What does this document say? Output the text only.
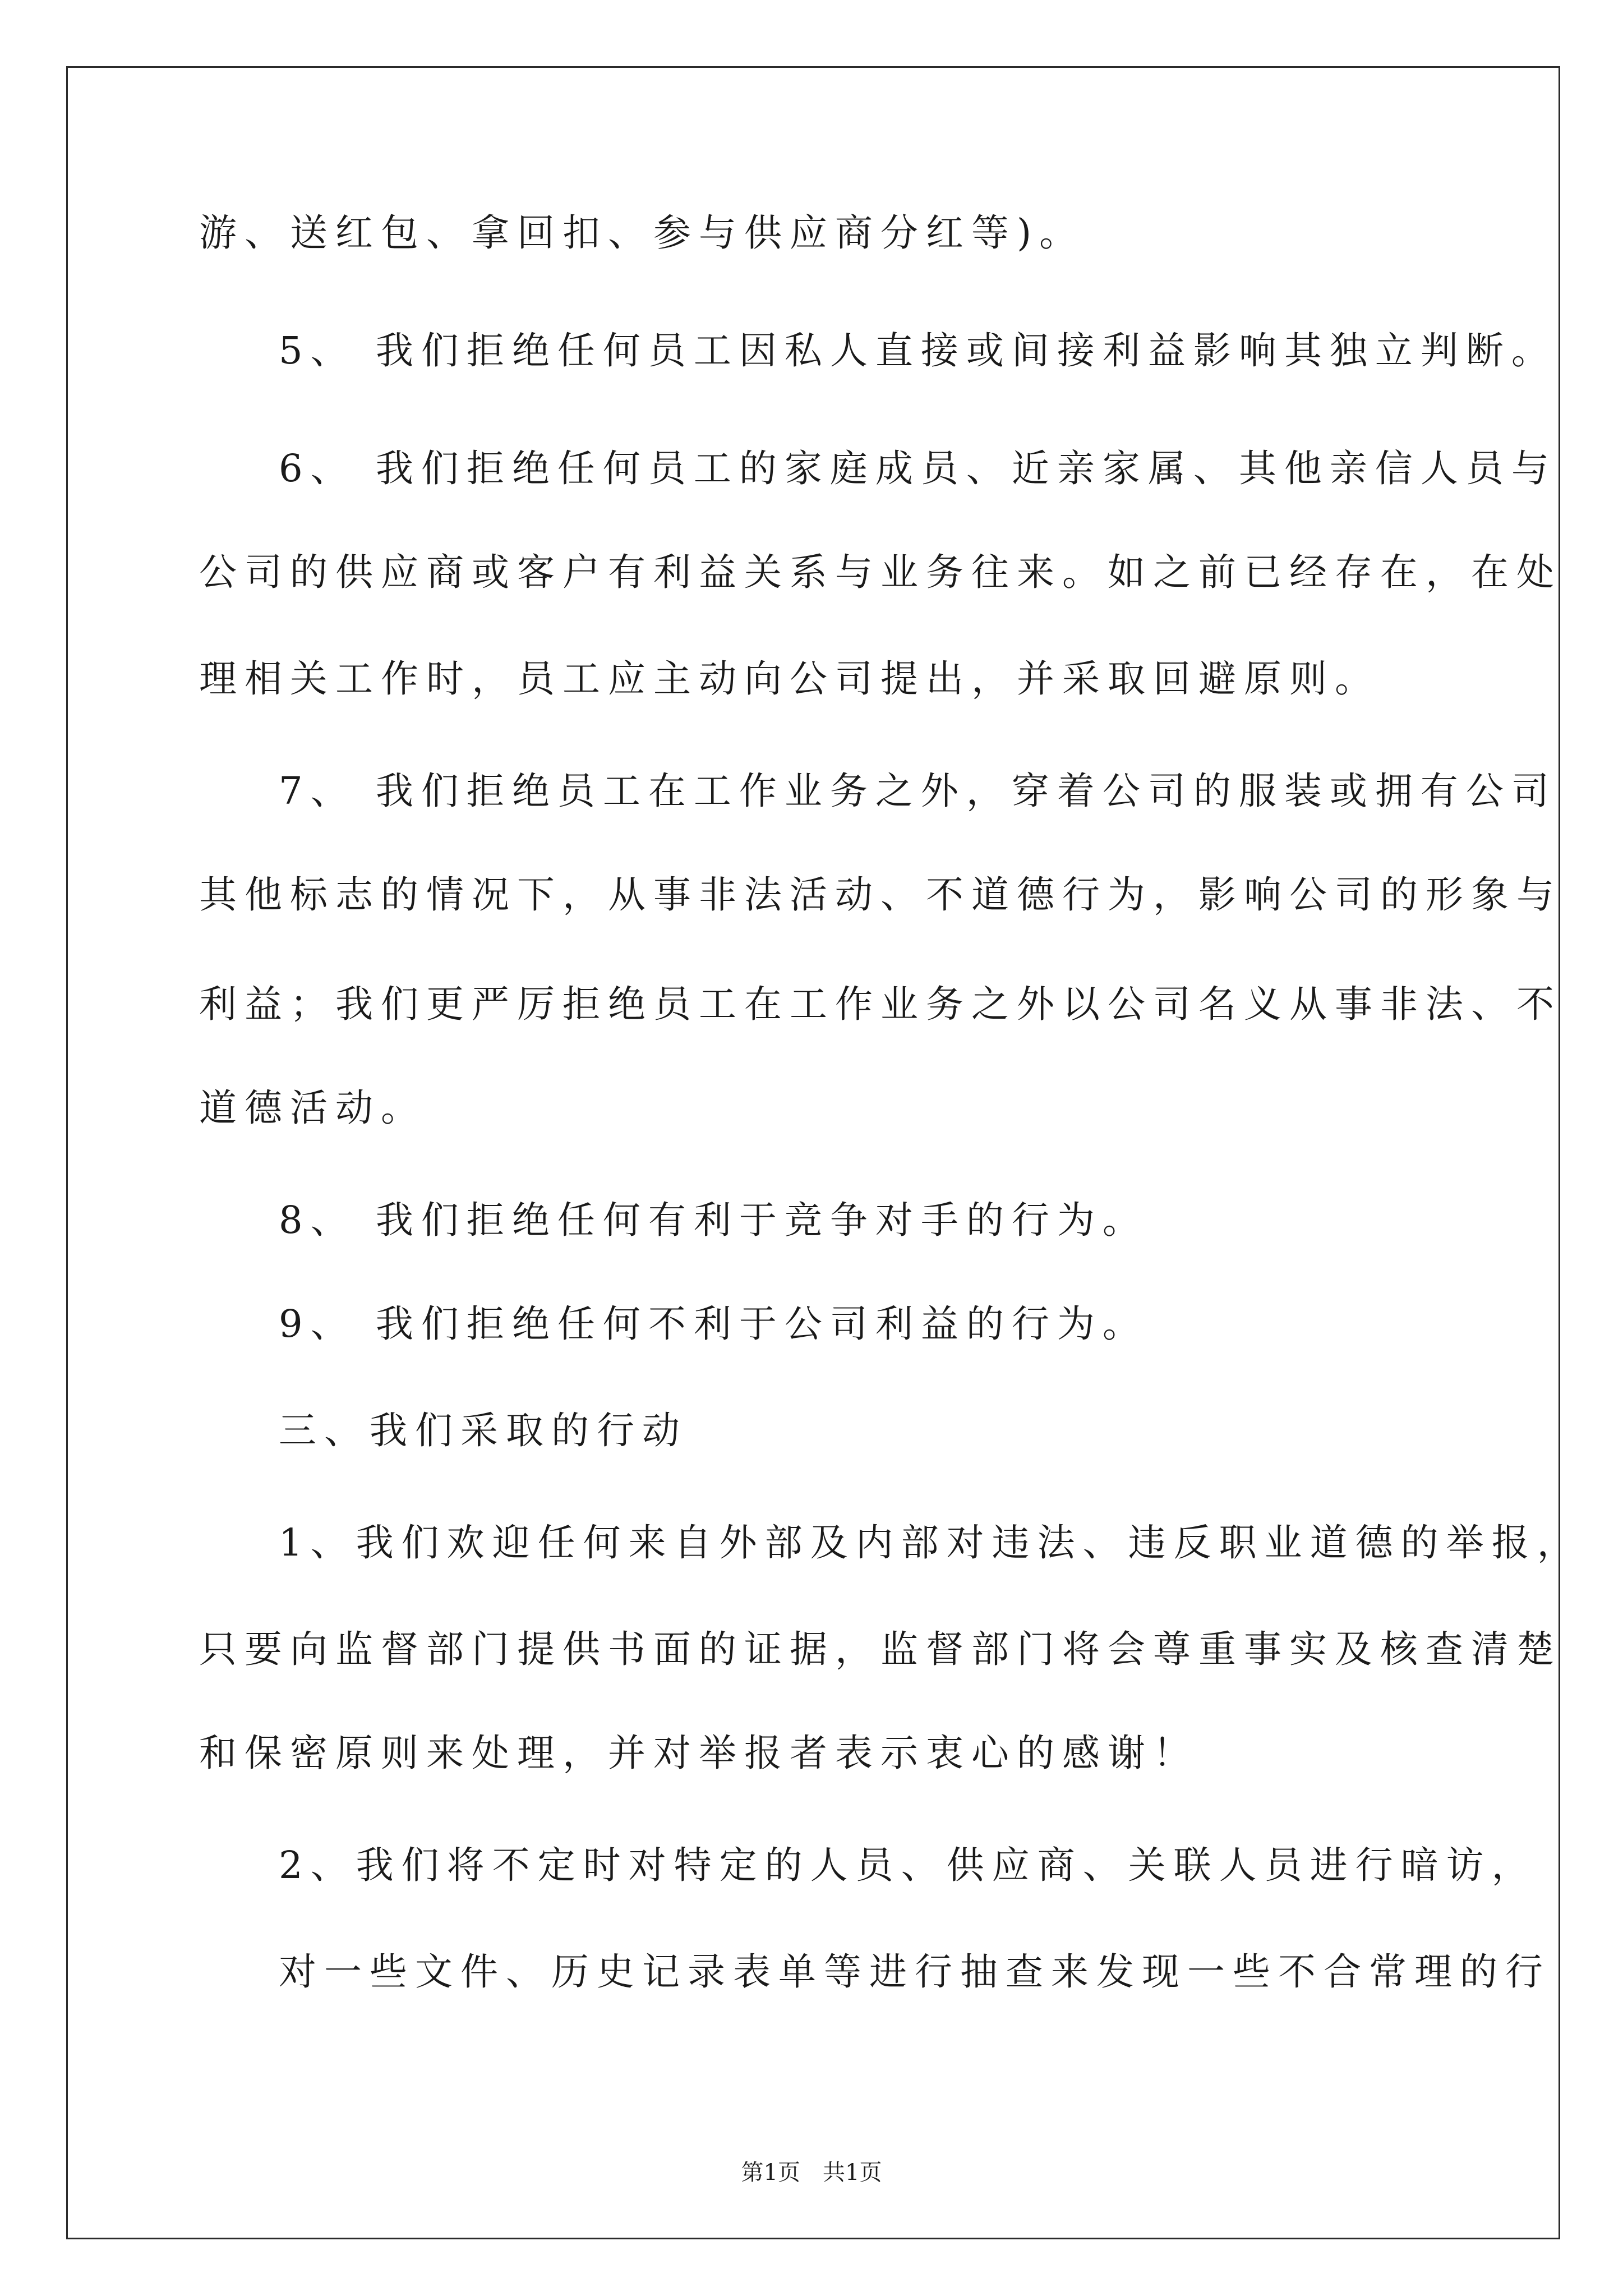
游、送红包、拿回扣、参与供应商分红等)。

5、 我们拒绝任何员工因私人直接或间接利益影响其独立判断。

6、 我们拒绝任何员工的家庭成员、近亲家属、其他亲信人员与

公司的供应商或客户有利益关系与业务往来。如之前已经存在，在处

理相关工作时，员工应主动向公司提出，并采取回避原则。

7、 我们拒绝员工在工作业务之外，穿着公司的服装或拥有公司

其他标志的情况下，从事非法活动、不道德行为，影响公司的形象与

利益；我们更严厉拒绝员工在工作业务之外以公司名义从事非法、不

道德活动。

8、 我们拒绝任何有利于竞争对手的行为。

9、 我们拒绝任何不利于公司利益的行为。

三、我们采取的行动

1、我们欢迎任何来自外部及内部对违法、违反职业道德的举报，

只要向监督部门提供书面的证据，监督部门将会尊重事实及核查清楚

和保密原则来处理，并对举报者表示衷心的感谢！

2、我们将不定时对特定的人员、供应商、关联人员进行暗访，

对一些文件、历史记录表单等进行抽查来发现一些不合常理的行

第1页 共1页
